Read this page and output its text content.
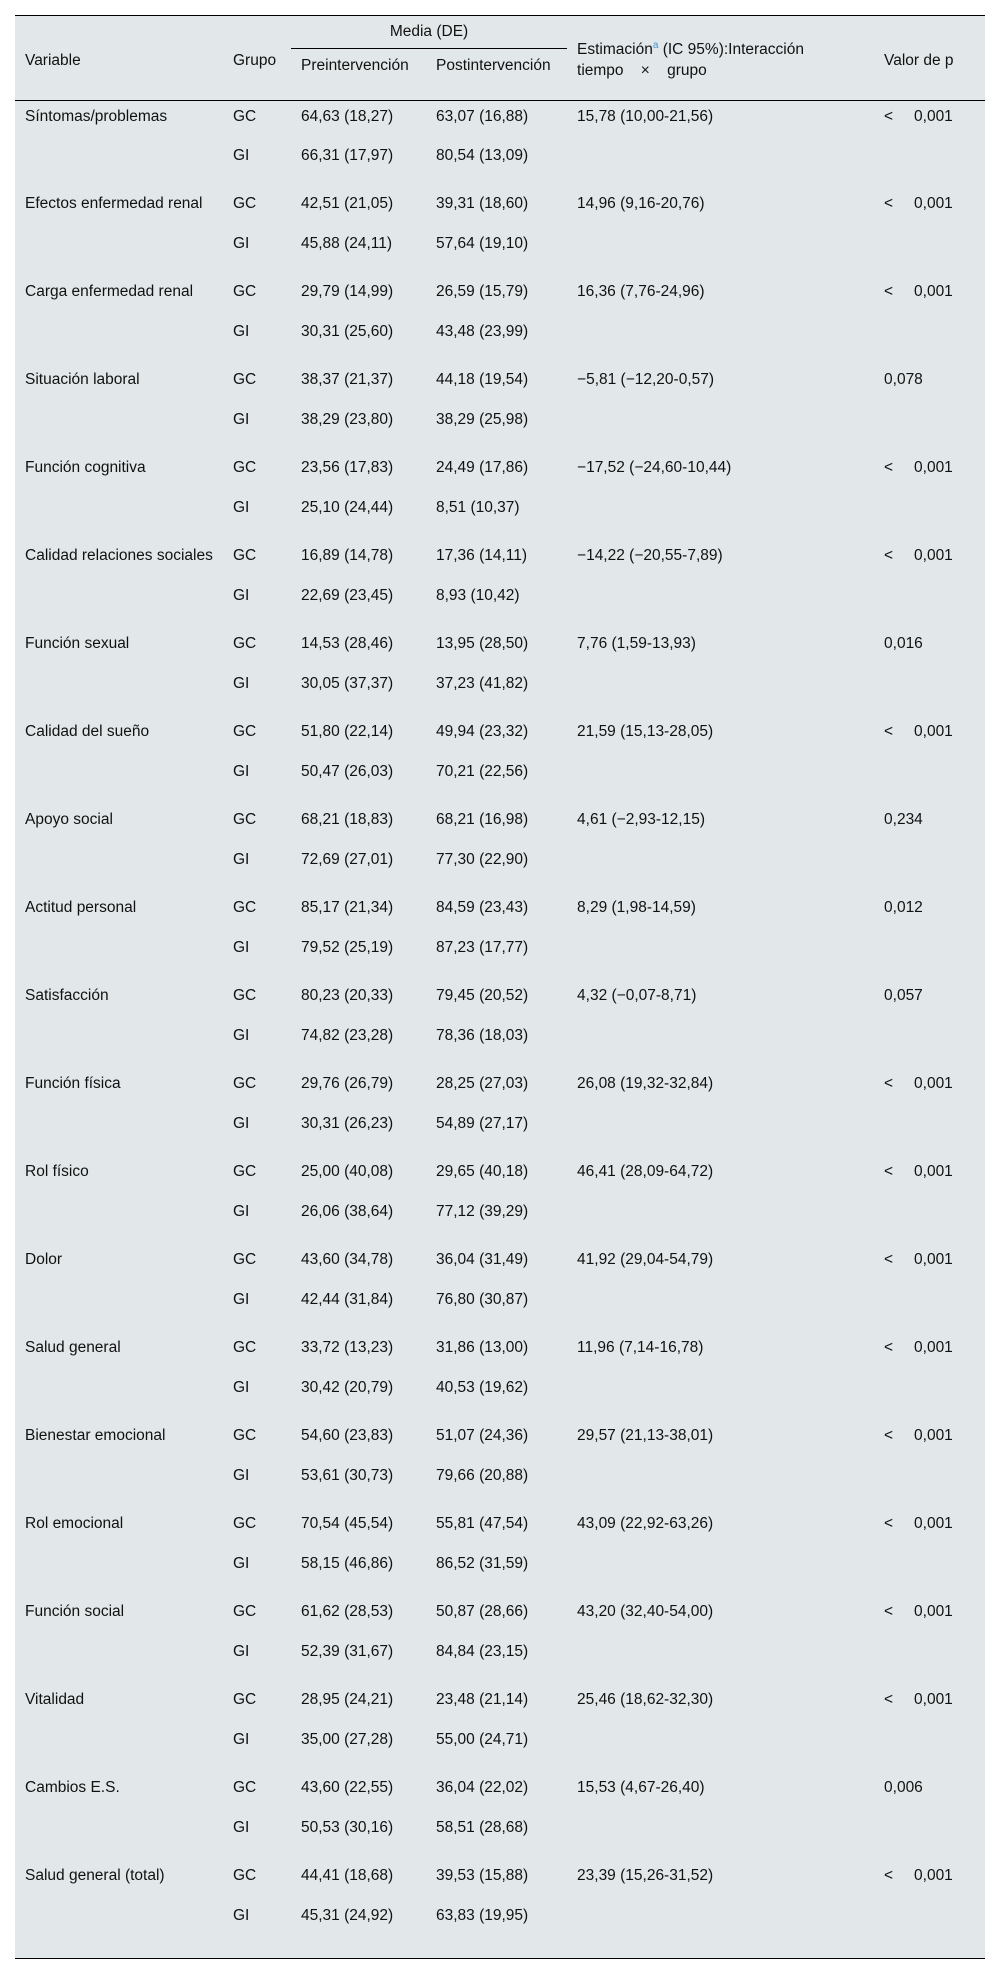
Variable	Grupo	Media (DE)		Estimación$^a$ (IC 95%):Interacción tiempo × grupo	Valor de p
		Preintervención	Postintervención		
Síntomas/problemas	GC	64,63 (18,27)	63,07 (16,88)	15,78 (10,00-21,56)	< 0,001
	GI	66,31 (17,97)	80,54 (13,09)		
Efectos enfermedad renal	GC	42,51 (21,05)	39,31 (18,60)	14,96 (9,16-20,76)	< 0,001
	GI	45,88 (24,11)	57,64 (19,10)		
Carga enfermedad renal	GC	29,79 (14,99)	26,59 (15,79)	16,36 (7,76-24,96)	< 0,001
	GI	30,31 (25,60)	43,48 (23,99)		
Situación laboral	GC	38,37 (21,37)	44,18 (19,54)	−5,81 (−12,20-0,57)	0,078
	GI	38,29 (23,80)	38,29 (25,98)		
Función cognitiva	GC	23,56 (17,83)	24,49 (17,86)	−17,52 (−24,60-10,44)	< 0,001
	GI	25,10 (24,44)	8,51 (10,37)		
Calidad relaciones sociales	GC	16,89 (14,78)	17,36 (14,11)	−14,22 (−20,55-7,89)	< 0,001
	GI	22,69 (23,45)	8,93 (10,42)		
Función sexual	GC	14,53 (28,46)	13,95 (28,50)	7,76 (1,59-13,93)	0,016
	GI	30,05 (37,37)	37,23 (41,82)		
Calidad del sueño	GC	51,80 (22,14)	49,94 (23,32)	21,59 (15,13-28,05)	< 0,001
	GI	50,47 (26,03)	70,21 (22,56)		
Apoyo social	GC	68,21 (18,83)	68,21 (16,98)	4,61 (−2,93-12,15)	0,234
	GI	72,69 (27,01)	77,30 (22,90)		
Actitud personal	GC	85,17 (21,34)	84,59 (23,43)	8,29 (1,98-14,59)	0,012
	GI	79,52 (25,19)	87,23 (17,77)		
Satisfacción	GC	80,23 (20,33)	79,45 (20,52)	4,32 (−0,07-8,71)	0,057
	GI	74,82 (23,28)	78,36 (18,03)		
Función física	GC	29,76 (26,79)	28,25 (27,03)	26,08 (19,32-32,84)	< 0,001
	GI	30,31 (26,23)	54,89 (27,17)		
Rol físico	GC	25,00 (40,08)	29,65 (40,18)	46,41 (28,09-64,72)	< 0,001
	GI	26,06 (38,64)	77,12 (39,29)		
Dolor	GC	43,60 (34,78)	36,04 (31,49)	41,92 (29,04-54,79)	< 0,001
	GI	42,44 (31,84)	76,80 (30,87)		
Salud general	GC	33,72 (13,23)	31,86 (13,00)	11,96 (7,14-16,78)	< 0,001
	GI	30,42 (20,79)	40,53 (19,62)		
Bienestar emocional	GC	54,60 (23,83)	51,07 (24,36)	29,57 (21,13-38,01)	< 0,001
	GI	53,61 (30,73)	79,66 (20,88)		
Rol emocional	GC	70,54 (45,54)	55,81 (47,54)	43,09 (22,92-63,26)	< 0,001
	GI	58,15 (46,86)	86,52 (31,59)		
Función social	GC	61,62 (28,53)	50,87 (28,66)	43,20 (32,40-54,00)	< 0,001
	GI	52,39 (31,67)	84,84 (23,15)		
Vitalidad	GC	28,95 (24,21)	23,48 (21,14)	25,46 (18,62-32,30)	< 0,001
	GI	35,00 (27,28)	55,00 (24,71)		
Cambios E.S.	GC	43,60 (22,55)	36,04 (22,02)	15,53 (4,67-26,40)	0,006
	GI	50,53 (30,16)	58,51 (28,68)		
Salud general (total)	GC	44,41 (18,68)	39,53 (15,88)	23,39 (15,26-31,52)	< 0,001
	GI	45,31 (24,92)	63,83 (19,95)		
